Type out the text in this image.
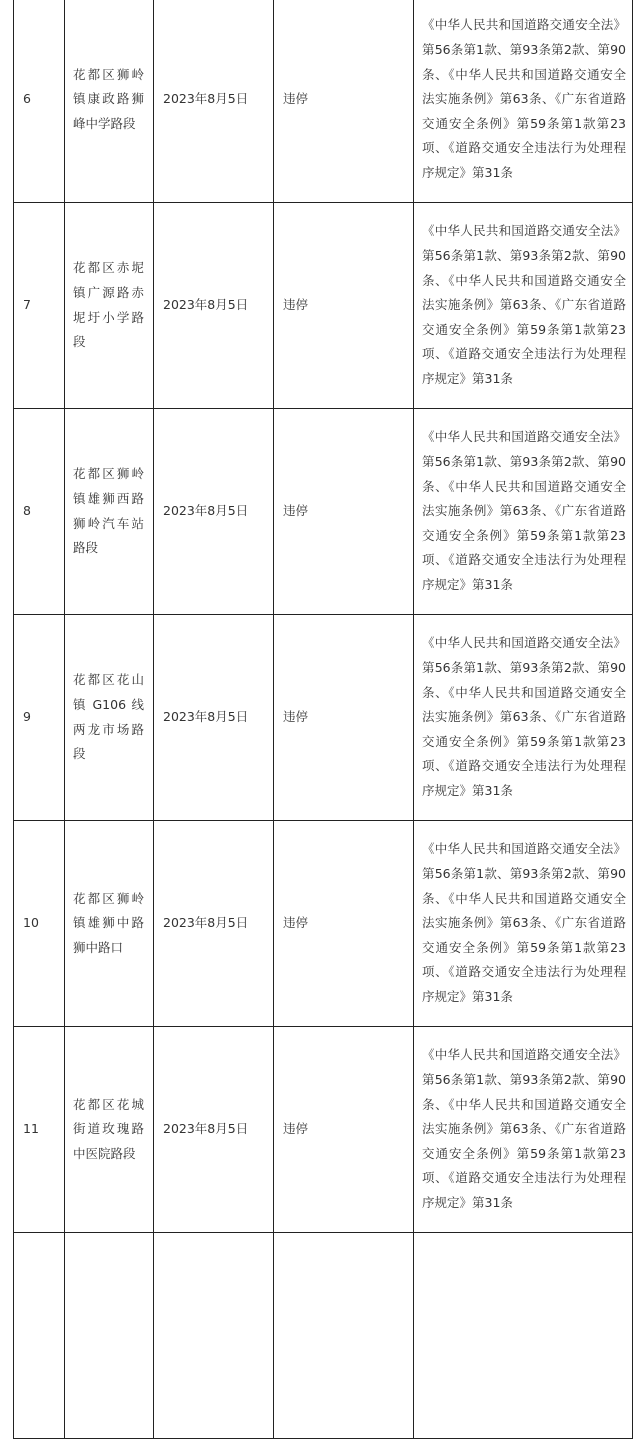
6	花都区狮岭镇康政路狮峰中学路段	2023年8月5日	违停	《中华人民共和国道路交通安全法》第56条第1款、第93条第2款、第90条、《中华人民共和国道路交通安全法实施条例》第63条、《广东省道路交通安全条例》第59条第1款第23项、《道路交通安全违法行为处理程序规定》第31条
7	花都区赤坭镇广源路赤坭圩小学路段	2023年8月5日	违停	《中华人民共和国道路交通安全法》第56条第1款、第93条第2款、第90条、《中华人民共和国道路交通安全法实施条例》第63条、《广东省道路交通安全条例》第59条第1款第23项、《道路交通安全违法行为处理程序规定》第31条
8	花都区狮岭镇雄狮西路狮岭汽车站路段	2023年8月5日	违停	《中华人民共和国道路交通安全法》第56条第1款、第93条第2款、第90条、《中华人民共和国道路交通安全法实施条例》第63条、《广东省道路交通安全条例》第59条第1款第23项、《道路交通安全违法行为处理程序规定》第31条
9	花都区花山镇 G106 线两龙市场路段	2023年8月5日	违停	《中华人民共和国道路交通安全法》第56条第1款、第93条第2款、第90条、《中华人民共和国道路交通安全法实施条例》第63条、《广东省道路交通安全条例》第59条第1款第23项、《道路交通安全违法行为处理程序规定》第31条
10	花都区狮岭镇雄狮中路狮中路口	2023年8月5日	违停	《中华人民共和国道路交通安全法》第56条第1款、第93条第2款、第90条、《中华人民共和国道路交通安全法实施条例》第63条、《广东省道路交通安全条例》第59条第1款第23项、《道路交通安全违法行为处理程序规定》第31条
11	花都区花城街道玫瑰路中医院路段	2023年8月5日	违停	《中华人民共和国道路交通安全法》第56条第1款、第93条第2款、第90条、《中华人民共和国道路交通安全法实施条例》第63条、《广东省道路交通安全条例》第59条第1款第23项、《道路交通安全违法行为处理程序规定》第31条
